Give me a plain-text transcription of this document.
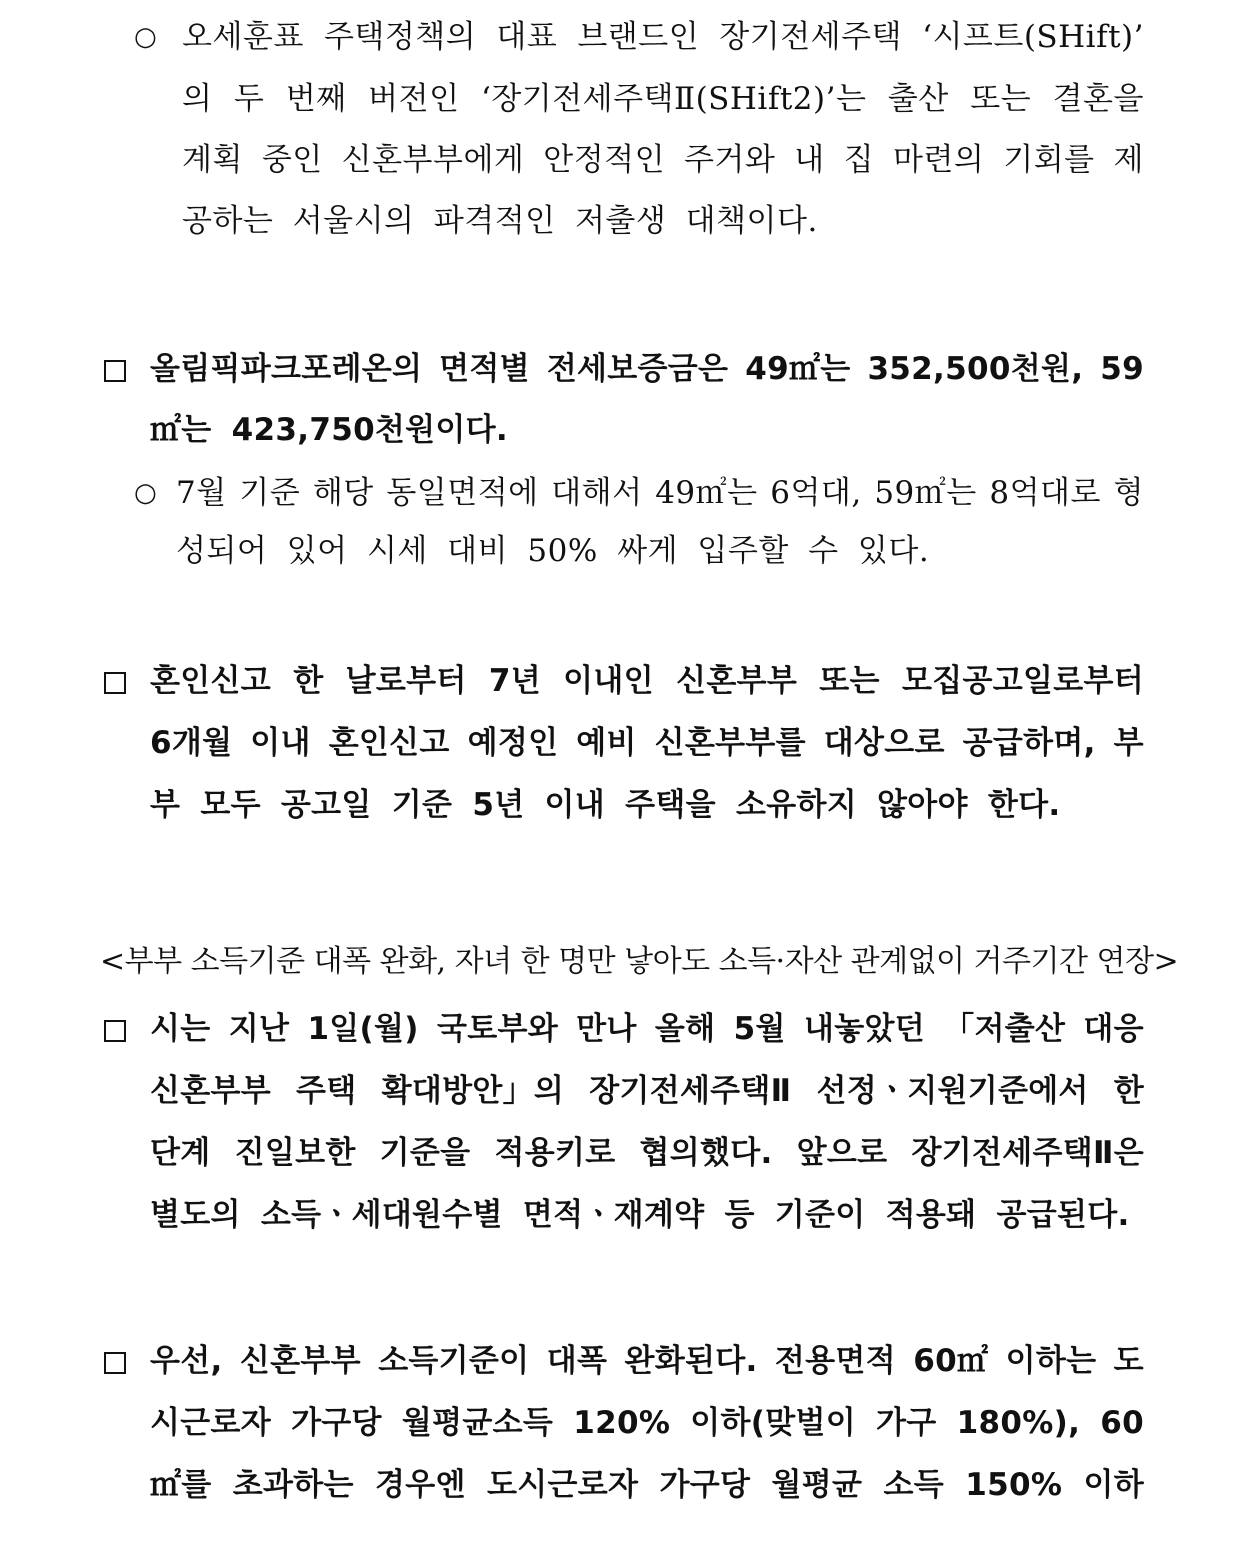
○ 오세훈표 주택정책의 대표 브랜드인 장기전세주택 ‘시프트(SHift)’
의 두 번째 버전인 ‘장기전세주택Ⅱ(SHift2)’는 출산 또는 결혼을
계획 중인 신혼부부에게 안정적인 주거와 내 집 마련의 기회를 제
공하는 서울시의 파격적인 저출생 대책이다.
올림픽파크포레온의 면적별 전세보증금은 49㎡는 352,500천원, 59
㎡는 423,750천원이다.
○ 7월 기준 해당 동일면적에 대해서 49㎡는 6억대, 59㎡는 8억대로 형
성되어 있어 시세 대비 50% 싸게 입주할 수 있다.
혼인신고 한 날로부터 7년 이내인 신혼부부 또는 모집공고일로부터
6개월 이내 혼인신고 예정인 예비 신혼부부를 대상으로 공급하며, 부
부 모두 공고일 기준 5년 이내 주택을 소유하지 않아야 한다.
<부부 소득기준 대폭 완화, 자녀 한 명만 낳아도 소득·자산 관계없이 거주기간 연장>
시는 지난 1일(월) 국토부와 만나 올해 5월 내놓았던 「저출산 대응
신혼부부 주택 확대방안」의 장기전세주택Ⅱ 선정ㆍ지원기준에서 한
단계 진일보한 기준을 적용키로 협의했다. 앞으로 장기전세주택Ⅱ은
별도의 소득ㆍ세대원수별 면적ㆍ재계약 등 기준이 적용돼 공급된다.
우선, 신혼부부 소득기준이 대폭 완화된다. 전용면적 60㎡ 이하는 도
시근로자 가구당 월평균소득 120% 이하(맞벌이 가구 180%), 60
㎡를 초과하는 경우엔 도시근로자 가구당 월평균 소득 150% 이하
